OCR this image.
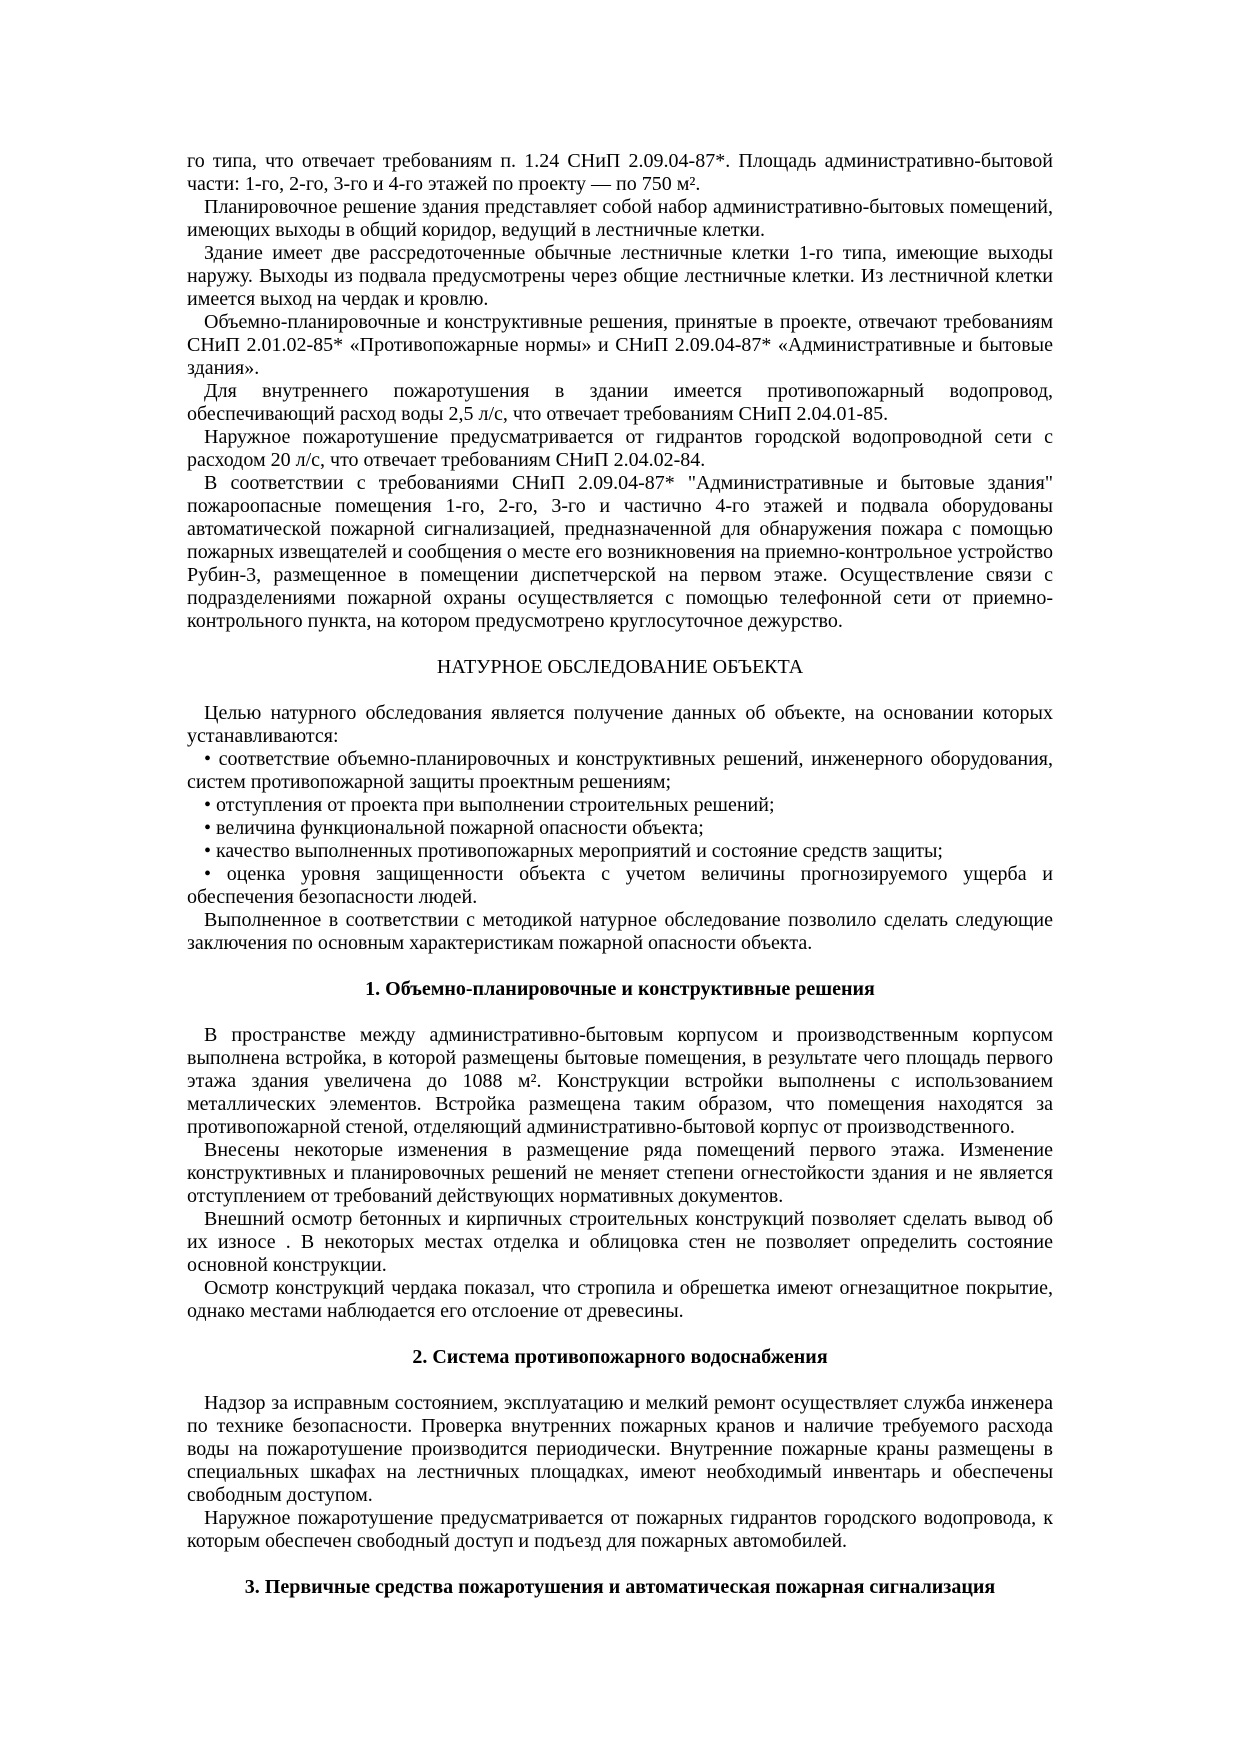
го типа, что отвечает требованиям п. 1.24 СНиП 2.09.04-87*. Площадь административно-бытовой части: 1-го, 2-го, 3-го и 4-го этажей по проекту — по 750 м².

Планировочное решение здания представляет собой набор административно-бытовых помещений, имеющих выходы в общий коридор, ведущий в лестничные клетки.

Здание имеет две рассредоточенные обычные лестничные клетки 1-го типа, имеющие выходы наружу. Выходы из подвала предусмотрены через общие лестничные клетки. Из лестничной клетки имеется выход на чердак и кровлю.

Объемно-планировочные и конструктивные решения, принятые в проекте, отвечают требованиям СНиП 2.01.02-85* «Противопожарные нормы» и СНиП 2.09.04-87* «Административные и бытовые здания».

Для внутреннего пожаротушения в здании имеется противопожарный водопровод, обеспечивающий расход воды 2,5 л/с, что отвечает требованиям СНиП 2.04.01-85.

Наружное пожаротушение предусматривается от гидрантов городской водопроводной сети с расходом 20 л/с, что отвечает требованиям СНиП 2.04.02-84.

В соответствии с требованиями СНиП 2.09.04-87* "Административные и бытовые здания" пожароопасные помещения 1-го, 2-го, 3-го и частично 4-го этажей и подвала оборудованы автоматической пожарной сигнализацией, предназначенной для обнаружения пожара с помощью пожарных извещателей и сообщения о месте его возникновения на приемно-контрольное устройство Рубин-3, размещенное в помещении диспетчерской на первом этаже. Осуществление связи с подразделениями пожарной охраны осуществляется с помощью телефонной сети от приемно-контрольного пункта, на котором предусмотрено круглосуточное дежурство.

НАТУРНОЕ ОБСЛЕДОВАНИЕ ОБЪЕКТА

Целью натурного обследования является получение данных об объекте, на основании которых устанавливаются:

• соответствие объемно-планировочных и конструктивных решений, инженерного оборудования, систем противопожарной защиты проектным решениям;

• отступления от проекта при выполнении строительных решений;

• величина функциональной пожарной опасности объекта;

• качество выполненных противопожарных мероприятий и состояние средств защиты;

• оценка уровня защищенности объекта с учетом величины прогнозируемого ущерба и обеспечения безопасности людей.

Выполненное в соответствии с методикой натурное обследование позволило сделать следующие заключения по основным характеристикам пожарной опасности объекта.

1. Объемно-планировочные и конструктивные решения

В пространстве между административно-бытовым корпусом и производственным корпусом выполнена встройка, в которой размещены бытовые помещения, в результате чего площадь первого этажа здания увеличена до 1088 м². Конструкции встройки выполнены с использованием металлических элементов. Встройка размещена таким образом, что помещения находятся за противопожарной стеной, отделяющий административно-бытовой корпус от производственного.

Внесены некоторые изменения в размещение ряда помещений первого этажа. Изменение конструктивных и планировочных решений не меняет степени огнестойкости здания и не является отступлением от требований действующих нормативных документов.

Внешний осмотр бетонных и кирпичных строительных конструкций позволяет сделать вывод об их износе . В некоторых местах отделка и облицовка стен не позволяет определить состояние основной конструкции.

Осмотр конструкций чердака показал, что стропила и обрешетка имеют огнезащитное покрытие, однако местами наблюдается его отслоение от древесины.

2. Система противопожарного водоснабжения

Надзор за исправным состоянием, эксплуатацию и мелкий ремонт осуществляет служба инженера по технике безопасности. Проверка внутренних пожарных кранов и наличие требуемого расхода воды на пожаротушение производится периодически. Внутренние пожарные краны размещены в специальных шкафах на лестничных площадках, имеют необходимый инвентарь и обеспечены свободным доступом.

Наружное пожаротушение предусматривается от пожарных гидрантов городского водопровода, к которым обеспечен свободный доступ и подъезд для пожарных автомобилей.

3. Первичные средства пожаротушения и автоматическая пожарная сигнализация
